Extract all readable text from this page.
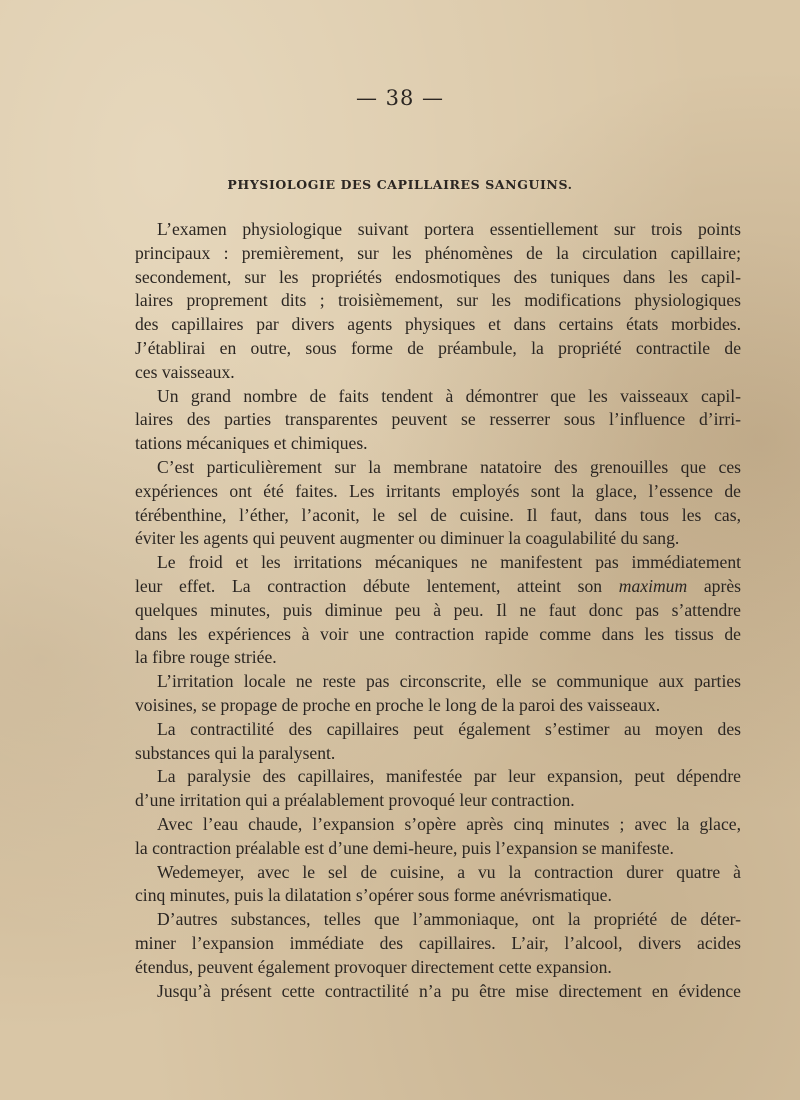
— 38 —
PHYSIOLOGIE DES CAPILLAIRES SANGUINS.
L’examen physiologique suivant portera essentiellement sur trois points
principaux : premièrement, sur les phénomènes de la circulation capillaire;
secondement, sur les propriétés endosmotiques des tuniques dans les capil-
laires proprement dits ; troisièmement, sur les modifications physiologiques
des capillaires par divers agents physiques et dans certains états morbides.
J’établirai en outre, sous forme de préambule, la propriété contractile de
ces vaisseaux.
Un grand nombre de faits tendent à démontrer que les vaisseaux capil-
laires des parties transparentes peuvent se resserrer sous l’influence d’irri-
tations mécaniques et chimiques.
C’est particulièrement sur la membrane natatoire des grenouilles que ces
expériences ont été faites. Les irritants employés sont la glace, l’essence de
térébenthine, l’éther, l’aconit, le sel de cuisine. Il faut, dans tous les cas,
éviter les agents qui peuvent augmenter ou diminuer la coagulabilité du sang.
Le froid et les irritations mécaniques ne manifestent pas immédiatement
leur effet. La contraction débute lentement, atteint son maximum après
quelques minutes, puis diminue peu à peu. Il ne faut donc pas s’attendre
dans les expériences à voir une contraction rapide comme dans les tissus de
la fibre rouge striée.
L’irritation locale ne reste pas circonscrite, elle se communique aux parties
voisines, se propage de proche en proche le long de la paroi des vaisseaux.
La contractilité des capillaires peut également s’estimer au moyen des
substances qui la paralysent.
La paralysie des capillaires, manifestée par leur expansion, peut dépendre
d’une irritation qui a préalablement provoqué leur contraction.
Avec l’eau chaude, l’expansion s’opère après cinq minutes ; avec la glace,
la contraction préalable est d’une demi-heure, puis l’expansion se manifeste.
Wedemeyer, avec le sel de cuisine, a vu la contraction durer quatre à
cinq minutes, puis la dilatation s’opérer sous forme anévrismatique.
D’autres substances, telles que l’ammoniaque, ont la propriété de déter-
miner l’expansion immédiate des capillaires. L’air, l’alcool, divers acides
étendus, peuvent également provoquer directement cette expansion.
Jusqu’à présent cette contractilité n’a pu être mise directement en évidence
